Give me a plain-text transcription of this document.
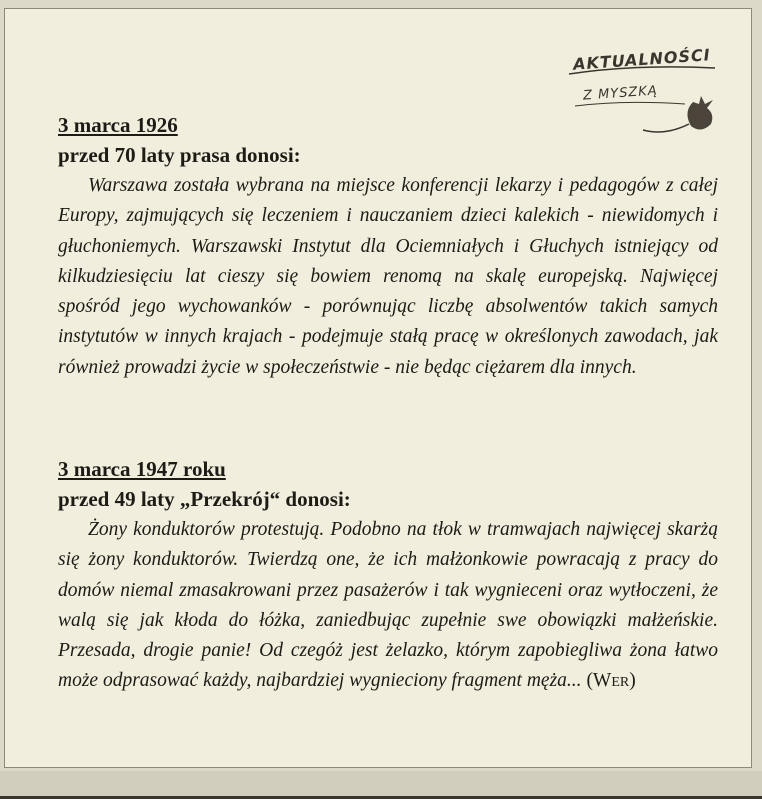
AKTUALNOŚCI
Z MYSZKĄ

3 marca 1926

przed 70 laty prasa donosi:

Warszawa została wybrana na miejsce konferencji lekarzy i pedagogów z całej Europy, zajmujących się leczeniem i nauczaniem dzieci kalekich - niewidomych i głuchoniemych. Warszawski Instytut dla Ociemniałych i Głuchych istniejący od kilkudziesięciu lat cieszy się bowiem renomą na skalę europejską. Najwięcej spośród jego wychowanków - porównując liczbę absolwentów takich samych instytutów w innych krajach - podejmuje stałą pracę w określonych zawodach, jak również prowadzi życie w społeczeństwie - nie będąc ciężarem dla innych.

3 marca 1947 roku

przed 49 laty „Przekrój“ donosi:

Żony konduktorów protestują. Podobno na tłok w tramwajach najwięcej skarżą się żony konduktorów. Twierdzą one, że ich małżonkowie powracają z pracy do domów niemal zmasakrowani przez pasażerów i tak wygnieceni oraz wytłoczeni, że walą się jak kłoda do łóżka, zaniedbując zupełnie swe obowiązki małżeńskie. Przesada, drogie panie! Od czegóż jest żelazko, którym zapobiegliwa żona łatwo może odprasować każdy, najbardziej wygnieciony fragment męża... (Wer)
